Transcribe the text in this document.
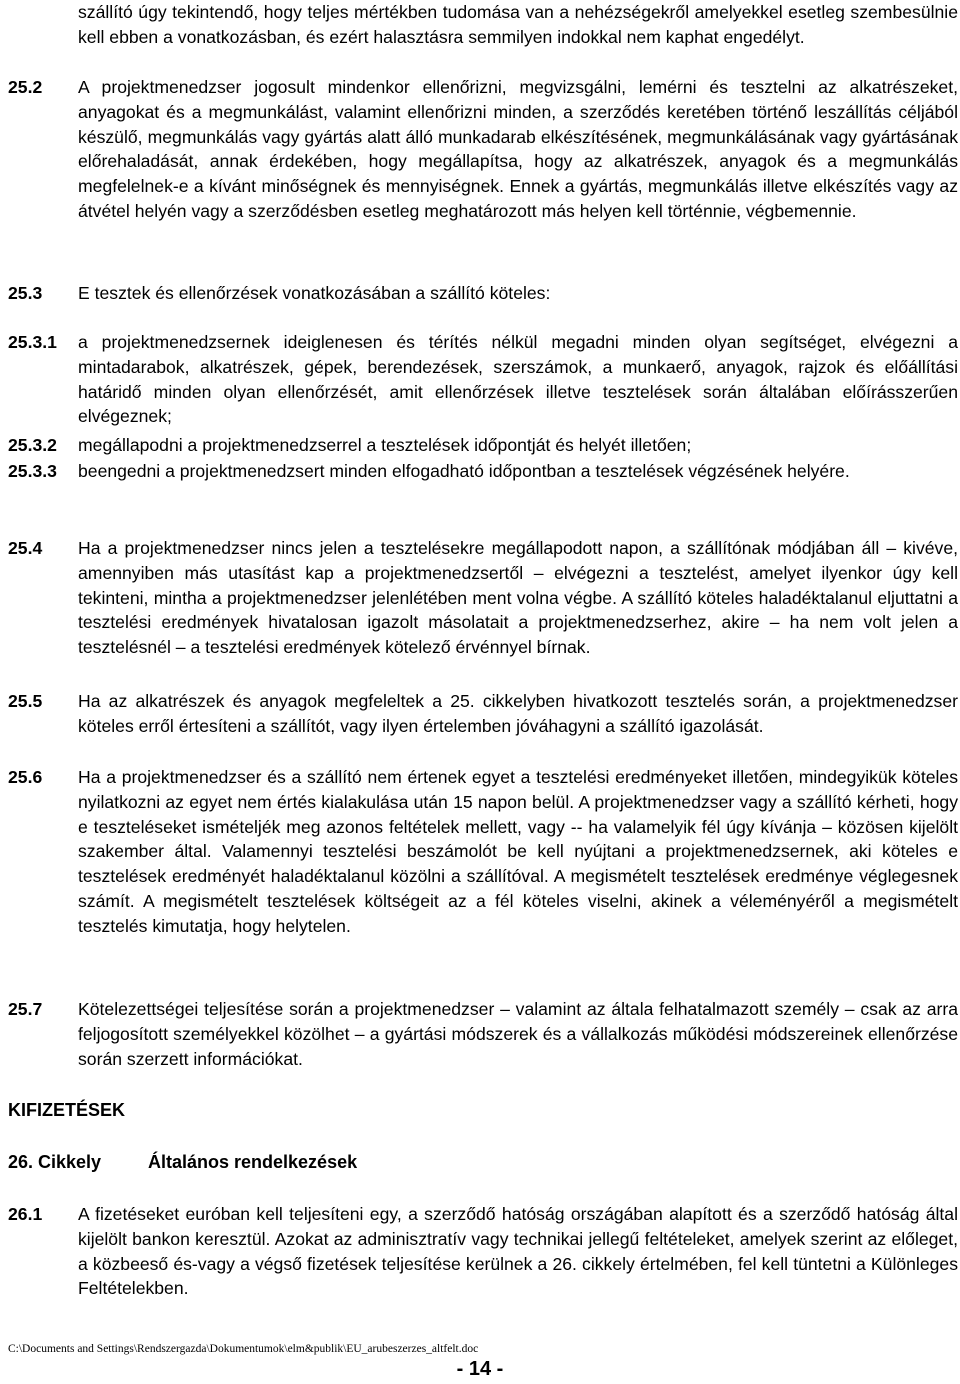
szállító úgy tekintendő, hogy teljes mértékben tudomása van a nehézségekről amelyekkel esetleg szembesülnie kell ebben a vonatkozásban, és ezért halasztásra semmilyen indokkal nem kaphat engedélyt.
25.2 A projektmenedzser jogosult mindenkor ellenőrizni, megvizsgálni, lemérni és tesztelni az alkatrészeket, anyagokat és a megmunkálást, valamint ellenőrizni minden, a szerződés keretében történő leszállítás céljából készülő, megmunkálás vagy gyártás alatt álló munkadarab elkészítésének, megmunkálásának vagy gyártásának előrehaladását, annak érdekében, hogy megállapítsa, hogy az alkatrészek, anyagok és a megmunkálás megfelelnek-e a kívánt minőségnek és mennyiségnek. Ennek a gyártás, megmunkálás illetve elkészítés vagy az átvétel helyén vagy a szerződésben esetleg meghatározott más helyen kell történnie, végbemennie.
25.3 E tesztek és ellenőrzések vonatkozásában a szállító köteles:
25.3.1 a projektmenedzsernek ideiglenesen és térítés nélkül megadni minden olyan segítséget, elvégezni a mintadarabok, alkatrészek, gépek, berendezések, szerszámok, a munkaerő, anyagok, rajzok és előállítási határidő minden olyan ellenőrzését, amit ellenőrzések illetve tesztelések során általában előírásszerűen elvégeznek;
25.3.2 megállapodni a projektmenedzserrel a tesztelések időpontját és helyét illetően;
25.3.3 beengedni a projektmenedzsert minden elfogadható időpontban a tesztelések végzésének helyére.
25.4 Ha a projektmenedzser nincs jelen a tesztelésekre megállapodott napon, a szállítónak módjában áll – kivéve, amennyiben más utasítást kap a projektmenedzsertől – elvégezni a tesztelést, amelyet ilyenkor úgy kell tekinteni, mintha a projektmenedzser jelenlétében ment volna végbe. A szállító köteles haladéktalanul eljuttatni a tesztelési eredmények hivatalosan igazolt másolatait a projektmenedzserhez, akire – ha nem volt jelen a tesztelésnél – a tesztelési eredmények kötelező érvénnyel bírnak.
25.5 Ha az alkatrészek és anyagok megfeleltek a 25. cikkelyben hivatkozott tesztelés során, a projektmenedzser köteles erről értesíteni a szállítót, vagy ilyen értelemben jóváhagyni a szállító igazolását.
25.6 Ha a projektmenedzser és a szállító nem értenek egyet a tesztelési eredményeket illetően, mindegyikük köteles nyilatkozni az egyet nem értés kialakulása után 15 napon belül. A projektmenedzser vagy a szállító kérheti, hogy e teszteléseket ismételjék meg azonos feltételek mellett, vagy -- ha valamelyik fél úgy kívánja – közösen kijelölt szakember által. Valamennyi tesztelési beszámolót be kell nyújtani a projektmenedzsernek, aki köteles e tesztelések eredményét haladéktalanul közölni a szállítóval. A megismételt tesztelések eredménye véglegesnek számít. A megismételt tesztelések költségeit az a fél köteles viselni, akinek a véleményéről a megismételt tesztelés kimutatja, hogy helytelen.
25.7 Kötelezettségei teljesítése során a projektmenedzser – valamint az általa felhatalmazott személy – csak az arra feljogosított személyekkel közölhet – a gyártási módszerek és a vállalkozás működési módszereinek ellenőrzése során szerzett információkat.
KIFIZETÉSEK
26. Cikkely	Általános rendelkezések
26.1 A fizetéseket euróban kell teljesíteni egy, a szerződő hatóság országában alapított és a szerződő hatóság által kijelölt bankon keresztül. Azokat az adminisztratív vagy technikai jellegű feltételeket, amelyek szerint az előleget, a közbeeső és-vagy a végső fizetések teljesítése kerülnek a 26. cikkely értelmében, fel kell tüntetni a Különleges Feltételekben.
C:\Documents and Settings\Rendszergazda\Dokumentumok\elm&publik\EU_arubeszerzes_altfelt.doc
- 14 -
